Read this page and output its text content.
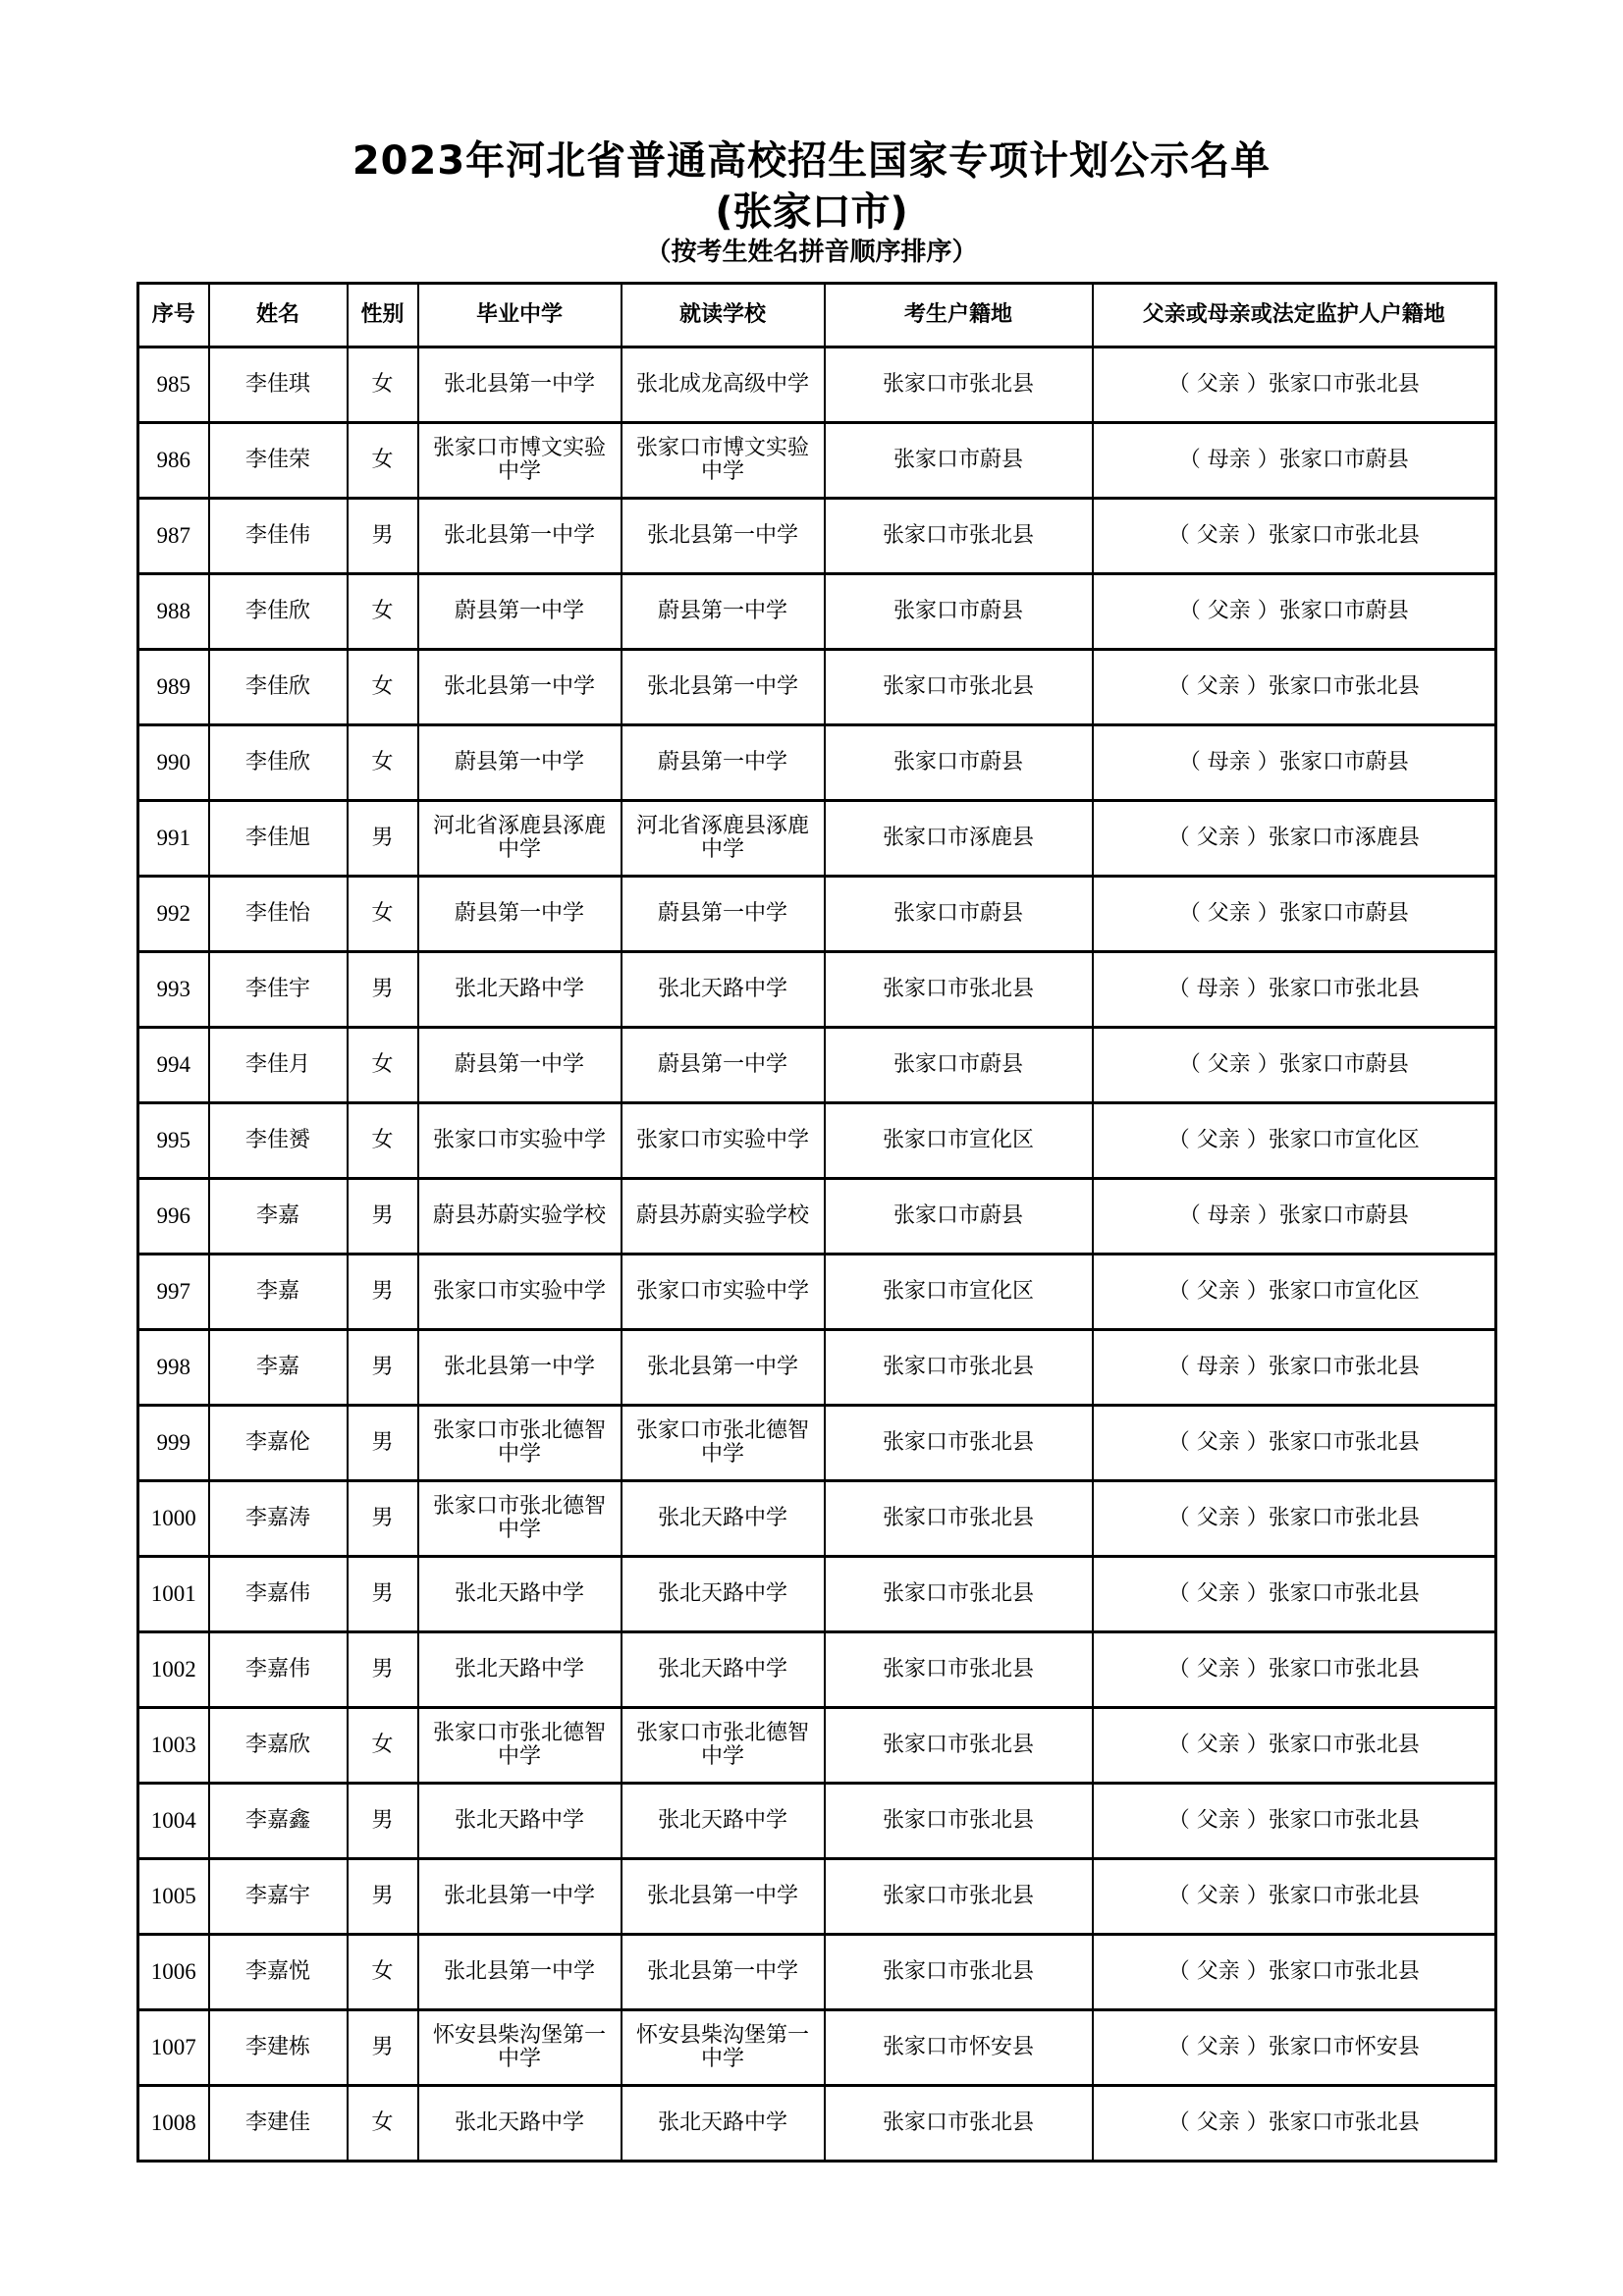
2023年河北省普通高校招生国家专项计划公示名单
(张家口市)
（按考生姓名拼音顺序排序）
序号	姓名	性别	毕业中学	就读学校	考生户籍地	父亲或母亲或法定监护人户籍地
985	李佳琪	女	张北县第一中学	张北成龙高级中学	张家口市张北县	（ 父亲 ）张家口市张北县
986	李佳荣	女	张家口市博文实验中学	张家口市博文实验中学	张家口市蔚县	（ 母亲 ）张家口市蔚县
987	李佳伟	男	张北县第一中学	张北县第一中学	张家口市张北县	（ 父亲 ）张家口市张北县
988	李佳欣	女	蔚县第一中学	蔚县第一中学	张家口市蔚县	（ 父亲 ）张家口市蔚县
989	李佳欣	女	张北县第一中学	张北县第一中学	张家口市张北县	（ 父亲 ）张家口市张北县
990	李佳欣	女	蔚县第一中学	蔚县第一中学	张家口市蔚县	（ 母亲 ）张家口市蔚县
991	李佳旭	男	河北省涿鹿县涿鹿中学	河北省涿鹿县涿鹿中学	张家口市涿鹿县	（ 父亲 ）张家口市涿鹿县
992	李佳怡	女	蔚县第一中学	蔚县第一中学	张家口市蔚县	（ 父亲 ）张家口市蔚县
993	李佳宇	男	张北天路中学	张北天路中学	张家口市张北县	（ 母亲 ）张家口市张北县
994	李佳月	女	蔚县第一中学	蔚县第一中学	张家口市蔚县	（ 父亲 ）张家口市蔚县
995	李佳赟	女	张家口市实验中学	张家口市实验中学	张家口市宣化区	（ 父亲 ）张家口市宣化区
996	李嘉	男	蔚县苏蔚实验学校	蔚县苏蔚实验学校	张家口市蔚县	（ 母亲 ）张家口市蔚县
997	李嘉	男	张家口市实验中学	张家口市实验中学	张家口市宣化区	（ 父亲 ）张家口市宣化区
998	李嘉	男	张北县第一中学	张北县第一中学	张家口市张北县	（ 母亲 ）张家口市张北县
999	李嘉伦	男	张家口市张北德智中学	张家口市张北德智中学	张家口市张北县	（ 父亲 ）张家口市张北县
1000	李嘉涛	男	张家口市张北德智中学	张北天路中学	张家口市张北县	（ 父亲 ）张家口市张北县
1001	李嘉伟	男	张北天路中学	张北天路中学	张家口市张北县	（ 父亲 ）张家口市张北县
1002	李嘉伟	男	张北天路中学	张北天路中学	张家口市张北县	（ 父亲 ）张家口市张北县
1003	李嘉欣	女	张家口市张北德智中学	张家口市张北德智中学	张家口市张北县	（ 父亲 ）张家口市张北县
1004	李嘉鑫	男	张北天路中学	张北天路中学	张家口市张北县	（ 父亲 ）张家口市张北县
1005	李嘉宇	男	张北县第一中学	张北县第一中学	张家口市张北县	（ 父亲 ）张家口市张北县
1006	李嘉悦	女	张北县第一中学	张北县第一中学	张家口市张北县	（ 父亲 ）张家口市张北县
1007	李建栋	男	怀安县柴沟堡第一中学	怀安县柴沟堡第一中学	张家口市怀安县	（ 父亲 ）张家口市怀安县
1008	李建佳	女	张北天路中学	张北天路中学	张家口市张北县	（ 父亲 ）张家口市张北县
